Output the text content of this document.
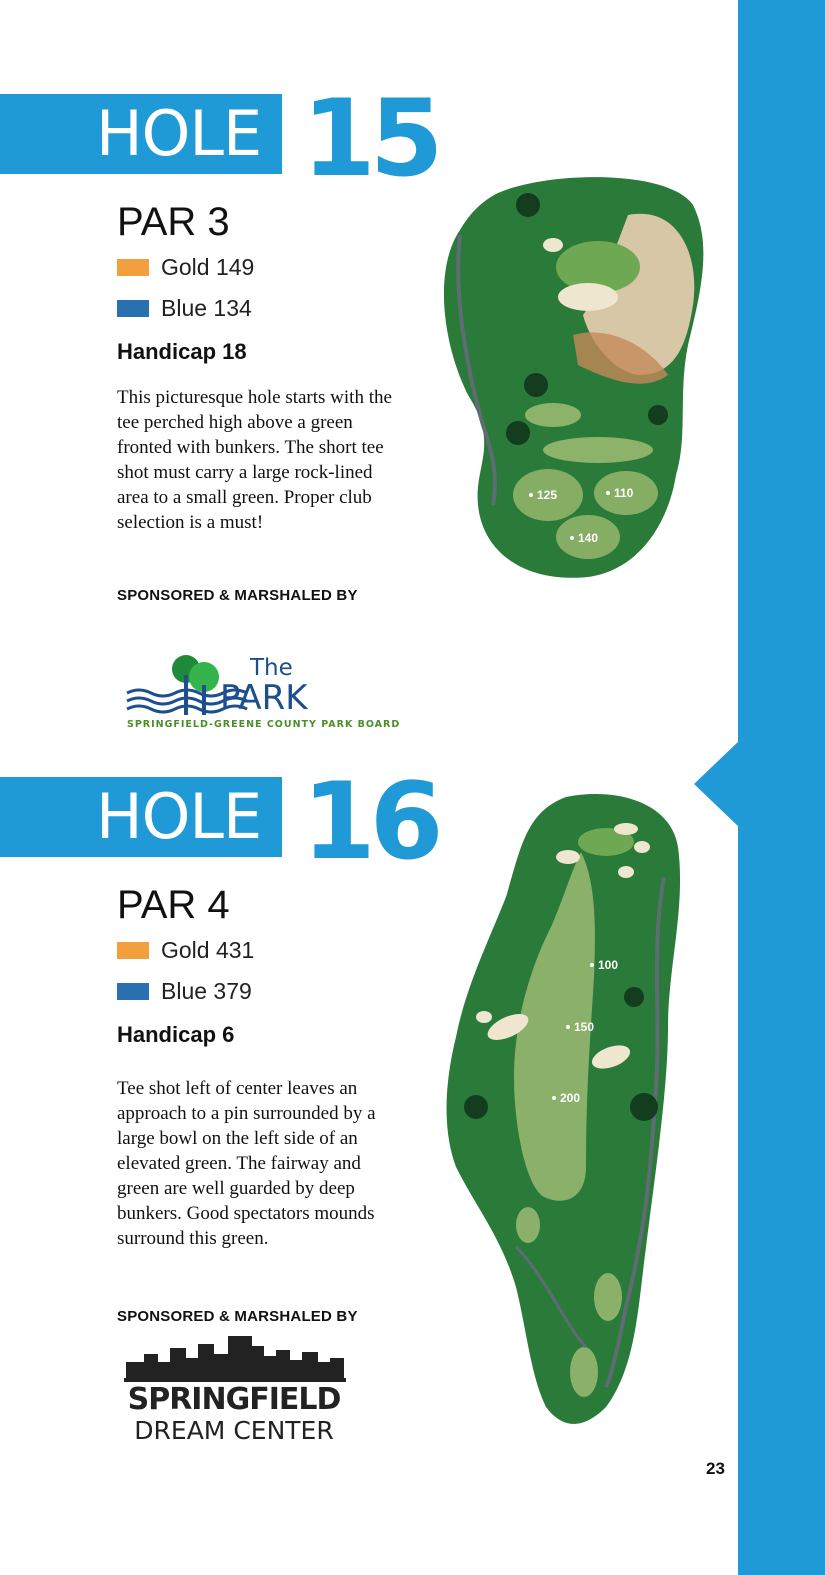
HOLE 15
PAR 3
Gold 149
Blue 134
Handicap 18
This picturesque hole starts with the tee perched high above a green fronted with bunkers. The short tee shot must carry a large rock-lined area to a small green. Proper club selection is a must!
SPONSORED & MARSHALED BY
The
PARK
SPRINGFIELD-GREENE COUNTY PARK BOARD
125	110
140
HOLE 16
PAR 4
Gold 431
Blue 379
Handicap 6
Tee shot left of center leaves an approach to a pin surrounded by a large bowl on the left side of an elevated green. The fairway and green are well guarded by deep bunkers. Good spectators mounds surround this green.
SPONSORED & MARSHALED BY
SPRINGFIELD
DREAM CENTER
100
150
200
23
